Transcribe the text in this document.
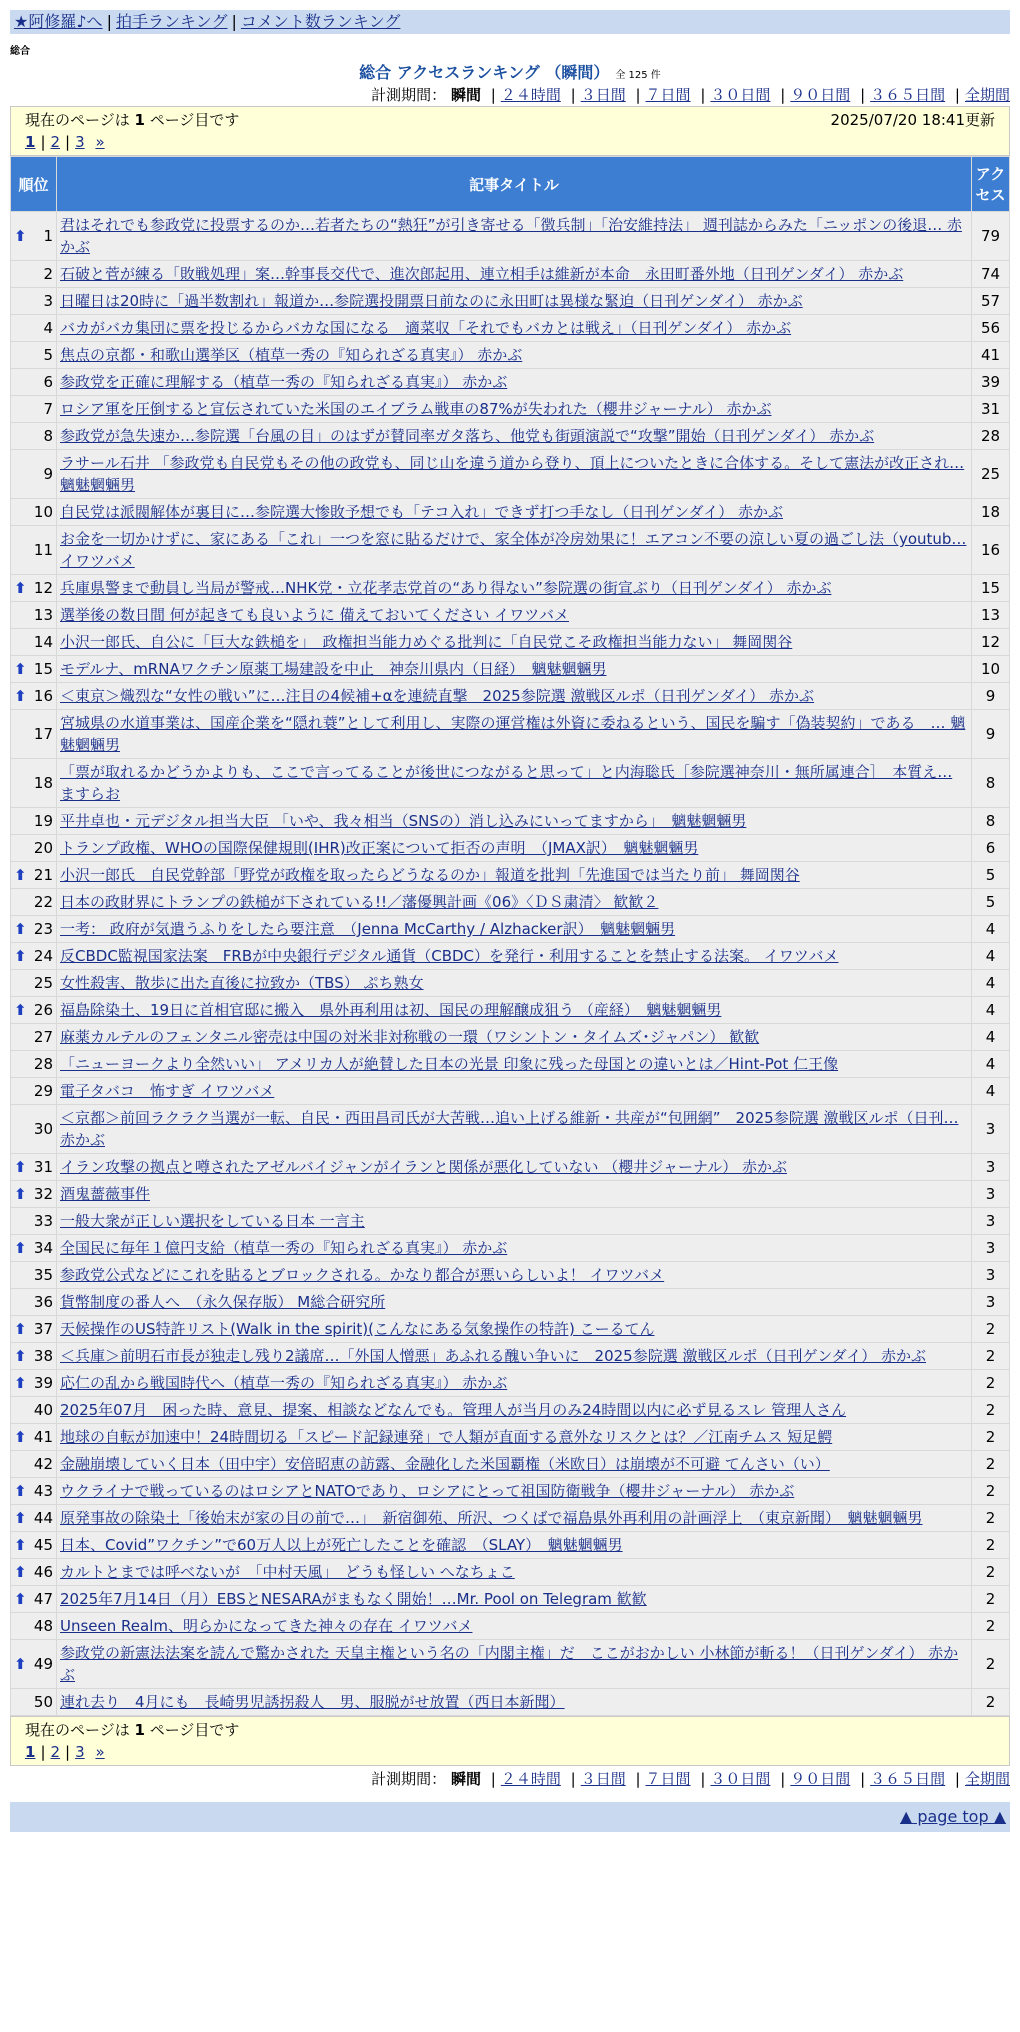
★阿修羅♪へ | 拍手ランキング | コメント数ランキング
総合
総合 アクセスランキング （瞬間） 全 125 件
計測期間： 瞬間 | ２４時間 | ３日間 | ７日間 | ３０日間 | ９０日間 | ３６５日間 | 全期間
現在のページは 1 ページ目です	2025/07/20 18:41更新
1 | 2 | 3 »
順位	記事タイトル	アクセス

⬆ 1	君はそれでも参政党に投票するのか…若者たちの“熱狂”が引き寄せる「徴兵制」「治安維持法」 週刊誌からみた「ニッポンの後退… 赤かぶ	79
2	石破と菅が練る「敗戦処理」案…幹事長交代で、進次郎起用、連立相手は維新が本命　永田町番外地（日刊ゲンダイ） 赤かぶ	74
3	日曜日は20時に「過半数割れ」報道か…参院選投開票日前なのに永田町は異様な緊迫（日刊ゲンダイ） 赤かぶ	57
4	バカがバカ集団に票を投じるからバカな国になる　適菜収「それでもバカとは戦え」（日刊ゲンダイ） 赤かぶ	56
5	焦点の京都・和歌山選挙区（植草一秀の『知られざる真実』） 赤かぶ	41
6	参政党を正確に理解する（植草一秀の『知られざる真実』） 赤かぶ	39
7	ロシア軍を圧倒すると宣伝されていた米国のエイブラム戦車の87%が失われた（櫻井ジャーナル） 赤かぶ	31
8	参政党が急失速か…参院選「台風の目」のはずが賛同率ガタ落ち、他党も街頭演説で“攻撃”開始（日刊ゲンダイ） 赤かぶ	28
9	ラサール石井 「参政党も自民党もその他の政党も、同じ山を違う道から登り、頂上についたときに合体する。そして憲法が改正され… 魑魅魍魎男	25
10	自民党は派閥解体が裏目に…参院選大惨敗予想でも「テコ入れ」できず打つ手なし（日刊ゲンダイ） 赤かぶ	18
11	お金を一切かけずに、家にある「これ」一つを窓に貼るだけで、家全体が冷房効果に！エアコン不要の涼しい夏の過ごし法（youtub… イワツバメ	16

⬆ 12	兵庫県警まで動員し当局が警戒…NHK党・立花孝志党首の“あり得ない”参院選の街宣ぶり（日刊ゲンダイ） 赤かぶ	15
13	選挙後の数日間 何が起きても良いように 備えておいてください イワツバメ	13
14	小沢一郎氏、自公に「巨大な鉄槌を」　政権担当能力めぐる批判に「自民党こそ政権担当能力ない」 舞岡関谷	12

⬆ 15	モデルナ、mRNAワクチン原薬工場建設を中止　神奈川県内（日経）　魑魅魍魎男	10

⬆ 16	＜東京＞熾烈な“女性の戦い”に…注目の4候補+αを連続直撃　2025参院選 激戦区ルポ（日刊ゲンダイ） 赤かぶ	9
17	宮城県の水道事業は、国産企業を“隠れ蓑”として利用し、実際の運営権は外資に委ねるという、国民を騙す「偽装契約」である　… 魑魅魍魎男	9
18	「票が取れるかどうかよりも、ここで言ってることが後世につながると思って」と内海聡氏［参院選神奈川・無所属連合］　本質え… ますらお	8
19	平井卓也・元デジタル担当大臣 「いや、我々相当（SNSの）消し込みにいってますから」　魑魅魍魎男	8
20	トランプ政権、WHOの国際保健規則(IHR)改正案について拒否の声明　（JMAX訳）　魑魅魍魎男	6

⬆ 21	小沢一郎氏　自民党幹部「野党が政権を取ったらどうなるのか」報道を批判「先進国では当たり前」 舞岡関谷	5
22	日本の政財界にトランプの鉄槌が下されている!!／藩優興計画《06》〈ＤＳ粛清〉 歓歓２	5

⬆ 23	一考： 政府が気遣うふりをしたら要注意　（Jenna McCarthy / Alzhacker訳）　魑魅魍魎男	4

⬆ 24	反CBDC監視国家法案　FRBが中央銀行デジタル通貨（CBDC）を発行・利用することを禁止する法案。 イワツバメ	4
25	女性殺害、散歩に出た直後に拉致か（TBS） ぷち熟女	4

⬆ 26	福島除染土、19日に首相官邸に搬入　県外再利用は初、国民の理解醸成狙う （産経）　魑魅魍魎男	4
27	麻薬カルテルのフェンタニル密売は中国の対米非対称戦の一環（ワシントン・タイムズ･ジャパン） 歓歓	4
28	「ニューヨークより全然いい」 アメリカ人が絶賛した日本の光景 印象に残った母国との違いとは／Hint-Pot 仁王像	4
29	電子タバコ　怖すぎ イワツバメ	4
30	＜京都＞前回ラクラク当選が一転、自民・西田昌司氏が大苦戦…追い上げる維新・共産が“包囲網”　2025参院選 激戦区ルポ（日刊… 赤かぶ	3

⬆ 31	イラン攻撃の拠点と噂されたアゼルバイジャンがイランと関係が悪化していない （櫻井ジャーナル） 赤かぶ	3

⬆ 32	酒鬼薔薇事件	3
33	一般大衆が正しい選択をしている日本 一言主	3

⬆ 34	全国民に毎年１億円支給（植草一秀の『知られざる真実』） 赤かぶ	3
35	参政党公式などにこれを貼るとブロックされる。かなり都合が悪いらしいよ！ イワツバメ	3
36	貨幣制度の番人へ　（永久保存版） M総合研究所	3

⬆ 37	天候操作のUS特許リスト(Walk in the spirit)(こんなにある気象操作の特許) こーるてん	2

⬆ 38	＜兵庫＞前明石市長が独走し残り2議席…「外国人憎悪」あふれる醜い争いに　2025参院選 激戦区ルポ（日刊ゲンダイ） 赤かぶ	2

⬆ 39	応仁の乱から戦国時代へ（植草一秀の『知られざる真実』） 赤かぶ	2
40	2025年07月　困った時、意見、提案、相談などなんでも。管理人が当月のみ24時間以内に必ず見るスレ 管理人さん	2

⬆ 41	地球の自転が加速中！24時間切る「スピード記録連発」で人類が直面する意外なリスクとは？／江南チムス 短足鰐	2
42	金融崩壊していく日本（田中宇）安倍昭恵の訪露、金融化した米国覇権（米欧日）は崩壊が不可避 てんさい（い）	2

⬆ 43	ウクライナで戦っているのはロシアとNATOであり、ロシアにとって祖国防衛戦争（櫻井ジャーナル） 赤かぶ	2

⬆ 44	原発事故の除染土「後始末が家の目の前で…」　新宿御苑、所沢、つくばで福島県外再利用の計画浮上　（東京新聞）　魑魅魍魎男	2

⬆ 45	日本、Covid”ワクチン”で60万人以上が死亡したことを確認　（SLAY）　魑魅魍魎男	2

⬆ 46	カルトとまでは呼べないが　「中村天風」　どうも怪しい へなちょこ	2

⬆ 47	2025年7月14日（月）EBSとNESARAがまもなく開始！…Mr. Pool on Telegram 歓歓	2
48	Unseen Realm、明らかになってきた神々の存在 イワツバメ	2

⬆ 49	参政党の新憲法法案を読んで驚かされた 天皇主権という名の「内閣主権」だ　ここがおかしい 小林節が斬る！（日刊ゲンダイ） 赤かぶ	2
50	連れ去り　4月にも　長崎男児誘拐殺人　男、服脱がせ放置（西日本新聞）	2
現在のページは 1 ページ目です
1 | 2 | 3 »
計測期間： 瞬間 | ２４時間 | ３日間 | ７日間 | ３０日間 | ９０日間 | ３６５日間 | 全期間
▲ page top ▲
